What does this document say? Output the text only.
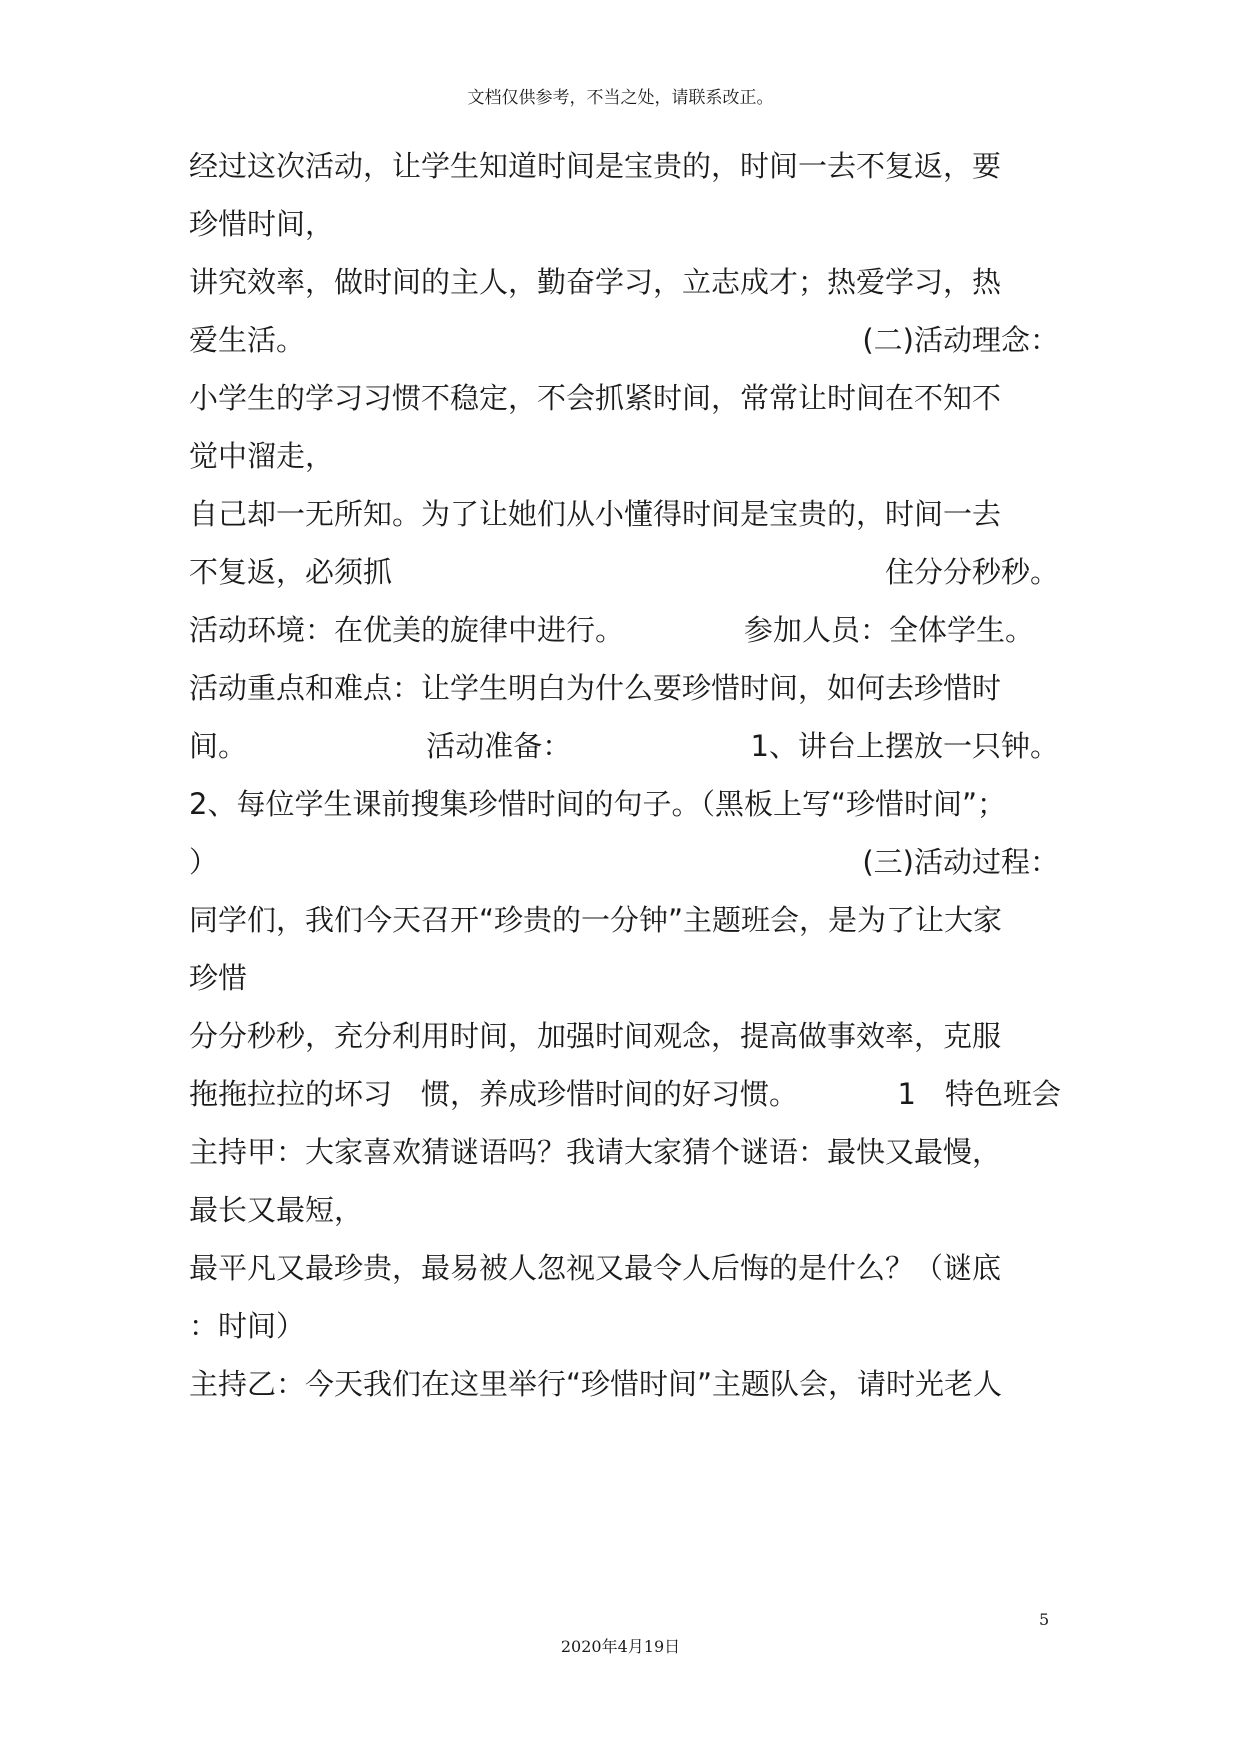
文档仅供参考，不当之处，请联系改正。
经过这次活动，让学生知道时间是宝贵的，时间一去不复返，要
珍惜时间，
讲究效率，做时间的主人，勤奋学习，立志成才；热爱学习，热
爱生活。	(二)活动理念：
小学生的学习习惯不稳定，不会抓紧时间，常常让时间在不知不
觉中溜走，
自己却一无所知。为了让她们从小懂得时间是宝贵的，时间一去
不复返，必须抓	住分分秒秒。
活动环境：在优美的旋律中进行。	参加人员：全体学生。
活动重点和难点：让学生明白为什么要珍惜时间，如何去珍惜时
间。	活动准备：	1、讲台上摆放一只钟。
2、每位学生课前搜集珍惜时间的句子。（黑板上写“珍惜时间”；
）	(三)活动过程：
同学们，我们今天召开“珍贵的一分钟”主题班会，是为了让大家
珍惜
分分秒秒，充分利用时间，加强时间观念，提高做事效率，克服
拖拖拉拉的坏习　惯，养成珍惜时间的好习惯。	1　特色班会
主持甲：大家喜欢猜谜语吗？我请大家猜个谜语：最快又最慢，
最长又最短，
最平凡又最珍贵，最易被人忽视又最令人后悔的是什么？（谜底
：时间）
主持乙：今天我们在这里举行“珍惜时间”主题队会，请时光老人
5
2020年4月19日
